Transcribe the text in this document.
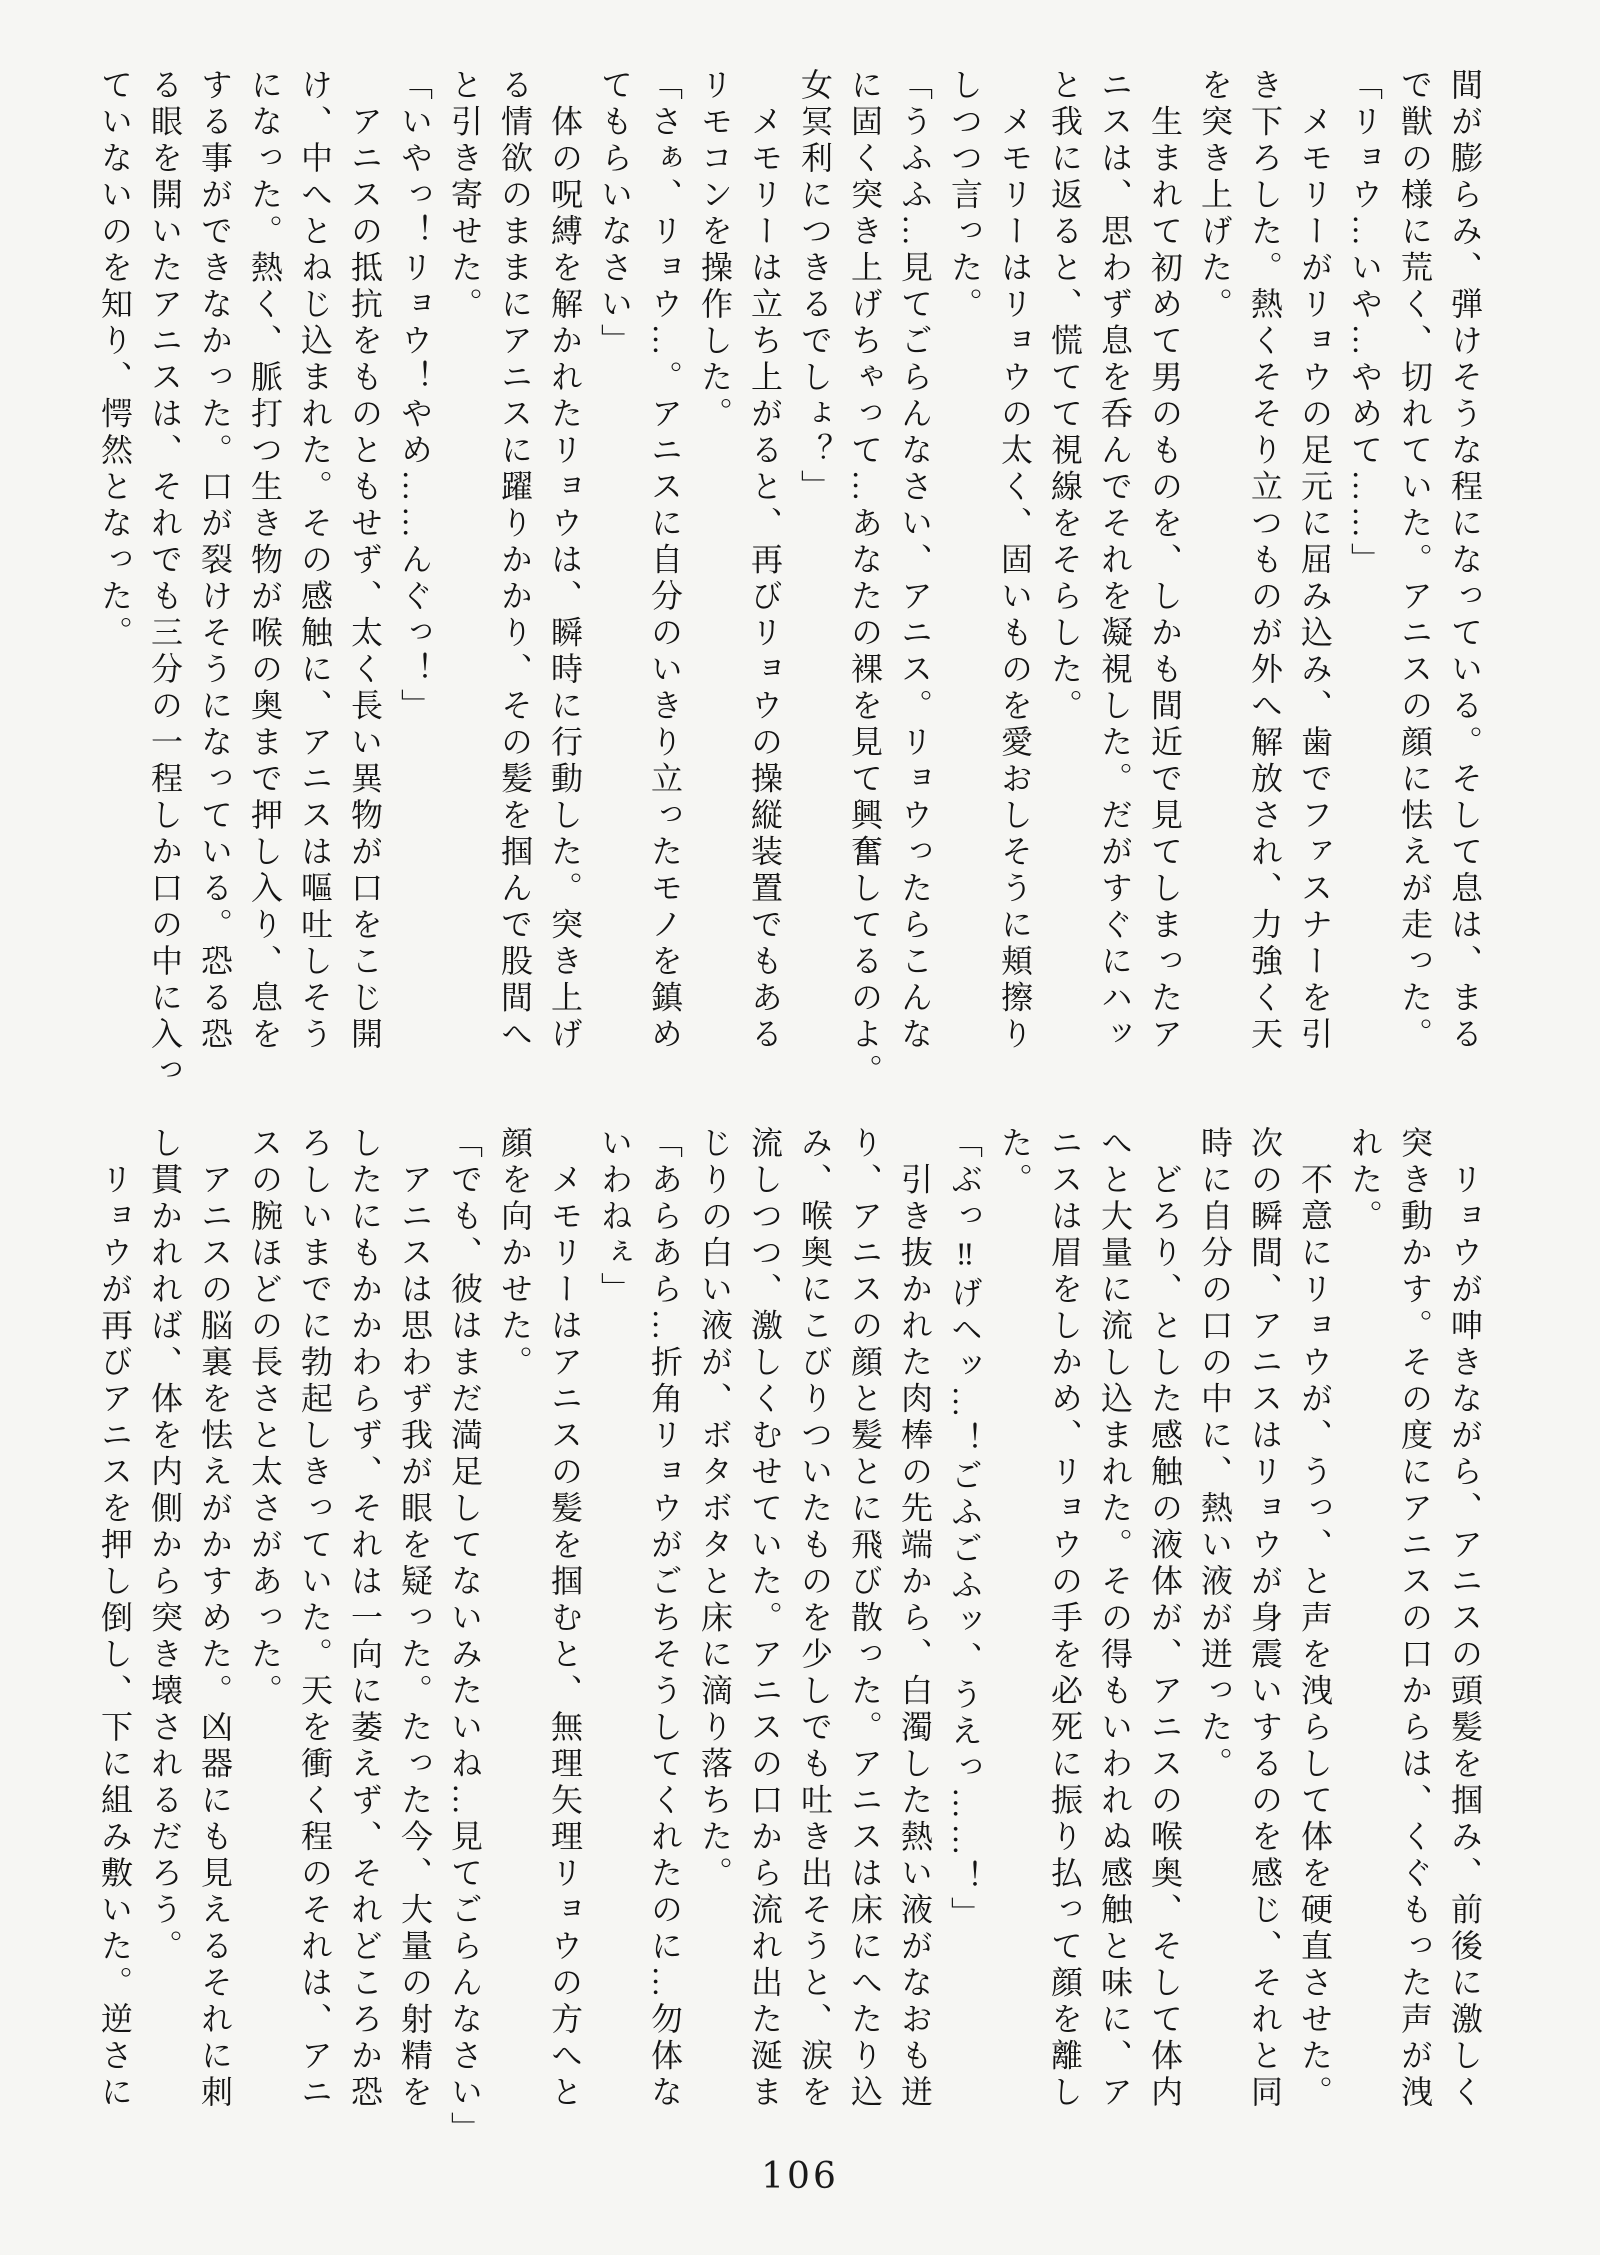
間が膨らみ、弾けそうな程になっている。そして息は、まる
で獣の様に荒く、切れていた。アニスの顔に怯えが走った。
「リョウ…いや…やめて……」
　メモリーがリョウの足元に屈み込み、歯でファスナーを引
き下ろした。熱くそそり立つものが外へ解放され、力強く天
を突き上げた。
　生まれて初めて男のものを、しかも間近で見てしまったア
ニスは、思わず息を呑んでそれを凝視した。だがすぐにハッ
と我に返ると、慌てて視線をそらした。
　メモリーはリョウの太く、固いものを愛おしそうに頬擦り
しつつ言った。
「うふふ…見てごらんなさい、アニス。リョウったらこんな
に固く突き上げちゃって…あなたの裸を見て興奮してるのよ。
女冥利につきるでしょ？」
　メモリーは立ち上がると、再びリョウの操縦装置でもある
リモコンを操作した。
「さぁ、リョウ…。アニスに自分のいきり立ったモノを鎮め
てもらいなさい」
　体の呪縛を解かれたリョウは、瞬時に行動した。突き上げ
る情欲のままにアニスに躍りかかり、その髪を掴んで股間へ
と引き寄せた。
「いやっ！リョウ！やめ……んぐっ！」
　アニスの抵抗をものともせず、太く長い異物が口をこじ開
け、中へとねじ込まれた。その感触に、アニスは嘔吐しそう
になった。熱く、脈打つ生き物が喉の奥まで押し入り、息を
する事ができなかった。口が裂けそうになっている。恐る恐
る眼を開いたアニスは、それでも三分の一程しか口の中に入っ
ていないのを知り、愕然となった。
　リョウが呻きながら、アニスの頭髪を掴み、前後に激しく
突き動かす。その度にアニスの口からは、くぐもった声が洩
れた。
　不意にリョウが、うっ、と声を洩らして体を硬直させた。
次の瞬間、アニスはリョウが身震いするのを感じ、それと同
時に自分の口の中に、熱い液が迸った。
　どろり、とした感触の液体が、アニスの喉奥、そして体内
へと大量に流し込まれた。その得もいわれぬ感触と味に、ア
ニスは眉をしかめ、リョウの手を必死に振り払って顔を離し
た。
「ぶっ‼げヘッ…！ごふごふッ、うえっ……！」
　引き抜かれた肉棒の先端から、白濁した熱い液がなおも迸
り、アニスの顔と髪とに飛び散った。アニスは床にへたり込
み、喉奥にこびりついたものを少しでも吐き出そうと、涙を
流しつつ、激しくむせていた。アニスの口から流れ出た涎ま
じりの白い液が、ボタボタと床に滴り落ちた。
「あらあら…折角リョウがごちそうしてくれたのに…勿体な
いわねぇ」
　メモリーはアニスの髪を掴むと、無理矢理リョウの方へと
顔を向かせた。
「でも、彼はまだ満足してないみたいね…見てごらんなさい」
　アニスは思わず我が眼を疑った。たった今、大量の射精を
したにもかかわらず、それは一向に萎えず、それどころか恐
ろしいまでに勃起しきっていた。天を衝く程のそれは、アニ
スの腕ほどの長さと太さがあった。
　アニスの脳裏を怯えがかすめた。凶器にも見えるそれに刺
し貫かれれば、体を内側から突き壊されるだろう。
　リョウが再びアニスを押し倒し、下に組み敷いた。逆さに
106
